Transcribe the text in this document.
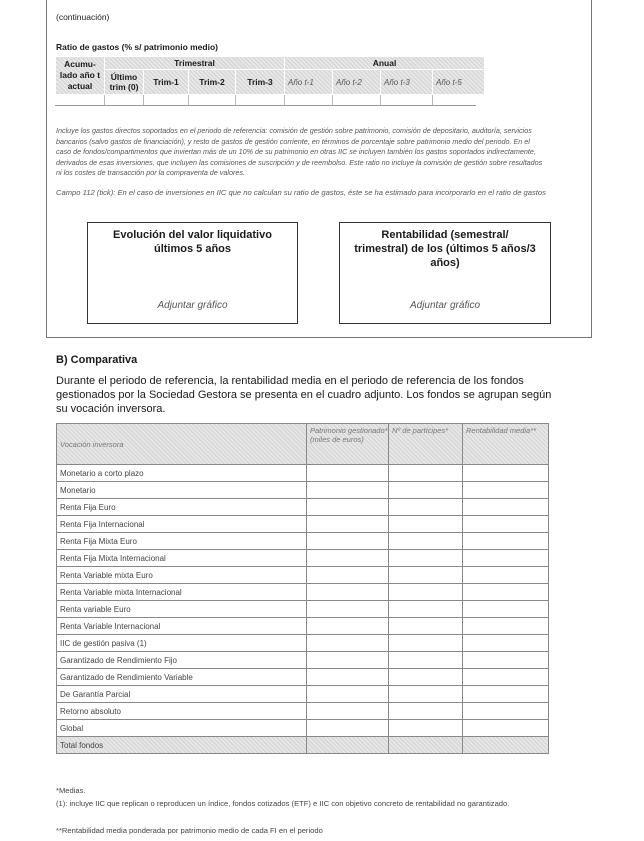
(continuación)
Ratio de gastos (% s/ patrimonio medio)
Acumu-lado año t actual	Trimestral				Anual			
	Último trim (0)	Trim-1	Trim-2	Trim-3	Año t-1	Año t-2	Año t-3	Año t-5

Incluye los gastos directos soportados en el periodo de referencia: comisión de gestión sobre patrimonio, comisión de depositario, auditoría, servicios bancarios (salvo gastos de financiación), y resto de gastos de gestión corriente, en términos de porcentaje sobre patrimonio medio del periodo. En el caso de fondos/compartimentos que inviertan más de un 10% de su patrimonio en otras IIC se incluyen también los gastos soportados indirectamente, derivados de esas inversiones, que incluyen las comisiones de suscripción y de reembolso. Este ratio no incluye la comisión de gestión sobre resultados ni los costes de transacción por la compraventa de valores.
Campo 112 (tick): En el caso de inversiones en IIC que no calculan su ratio de gastos, éste se ha estimado para incorporarlo en el ratio de gastos
Evolución del valor liquidativo últimos 5 años
Adjuntar gráfico
Rentabilidad (semestral/ trimestral) de los (últimos 5 años/3 años)
Adjuntar gráfico
B) Comparativa
Durante el periodo de referencia, la rentabilidad media en el periodo de referencia de los fondos gestionados por la Sociedad Gestora se presenta en el cuadro adjunto. Los fondos se agrupan según su vocación inversora.
Vocación inversora	Patrimonio gestionado* (miles de euros)	Nº de partícipes*	Rentabilidad media**
Monetario a corto plazo			
Monetario			
Renta Fija Euro			
Renta Fija Internacional			
Renta Fija Mixta Euro			
Renta Fija Mixta Internacional			
Renta Variable mixta Euro			
Renta Variable mixta Internacional			
Renta variable Euro			
Renta Variable Internacional			
IIC de gestión pasiva (1)			
Garantizado de Rendimiento Fijo			
Garantizado de Rendimiento Variable			
De Garantía Parcial			
Retorno absoluto			
Global			
Total fondos			
*Medias.
(1): incluye IIC que replican o reproducen un índice, fondos cotizados (ETF) e IIC con objetivo concreto de rentabilidad no garantizado.
**Rentabilidad media ponderada por patrimonio medio de cada FI en el periodo
